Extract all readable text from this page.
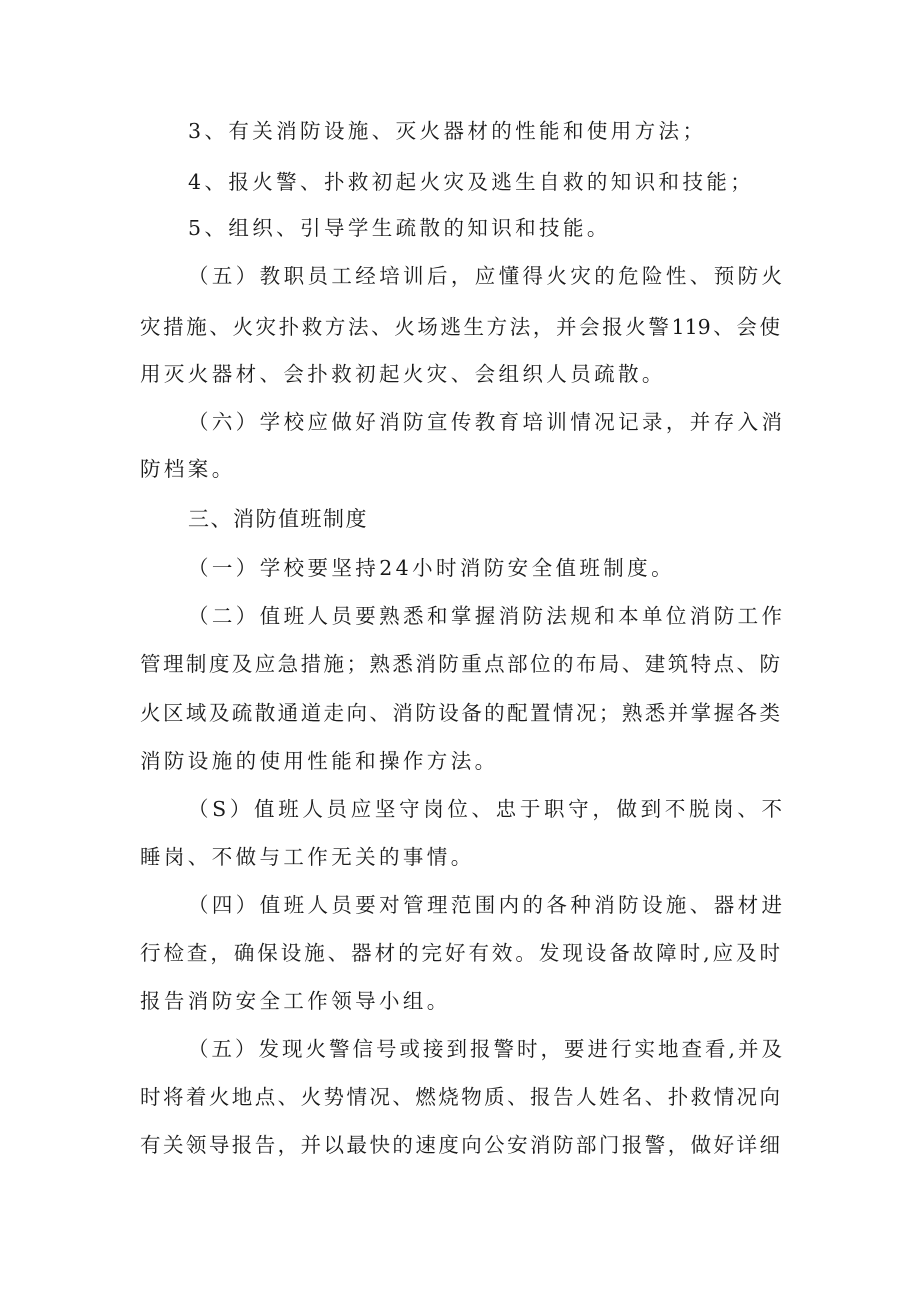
3、有关消防设施、灭火器材的性能和使用方法；
4、报火警、扑救初起火灾及逃生自救的知识和技能；
5、组织、引导学生疏散的知识和技能。
（五）教职员工经培训后，应懂得火灾的危险性、预防火
灾措施、火灾扑救方法、火场逃生方法，并会报火警119、会使
用灭火器材、会扑救初起火灾、会组织人员疏散。
（六）学校应做好消防宣传教育培训情况记录，并存入消
防档案。
三、消防值班制度
（一）学校要坚持24小时消防安全值班制度。
（二）值班人员要熟悉和掌握消防法规和本单位消防工作
管理制度及应急措施；熟悉消防重点部位的布局、建筑特点、防
火区域及疏散通道走向、消防设备的配置情况；熟悉并掌握各类
消防设施的使用性能和操作方法。
（S）值班人员应坚守岗位、忠于职守，做到不脱岗、不
睡岗、不做与工作无关的事情。
（四）值班人员要对管理范围内的各种消防设施、器材进
行检查，确保设施、器材的完好有效。发现设备故障时,应及时
报告消防安全工作领导小组。
（五）发现火警信号或接到报警时，要进行实地查看,并及
时将着火地点、火势情况、燃烧物质、报告人姓名、扑救情况向
有关领导报告，并以最快的速度向公安消防部门报警，做好详细
